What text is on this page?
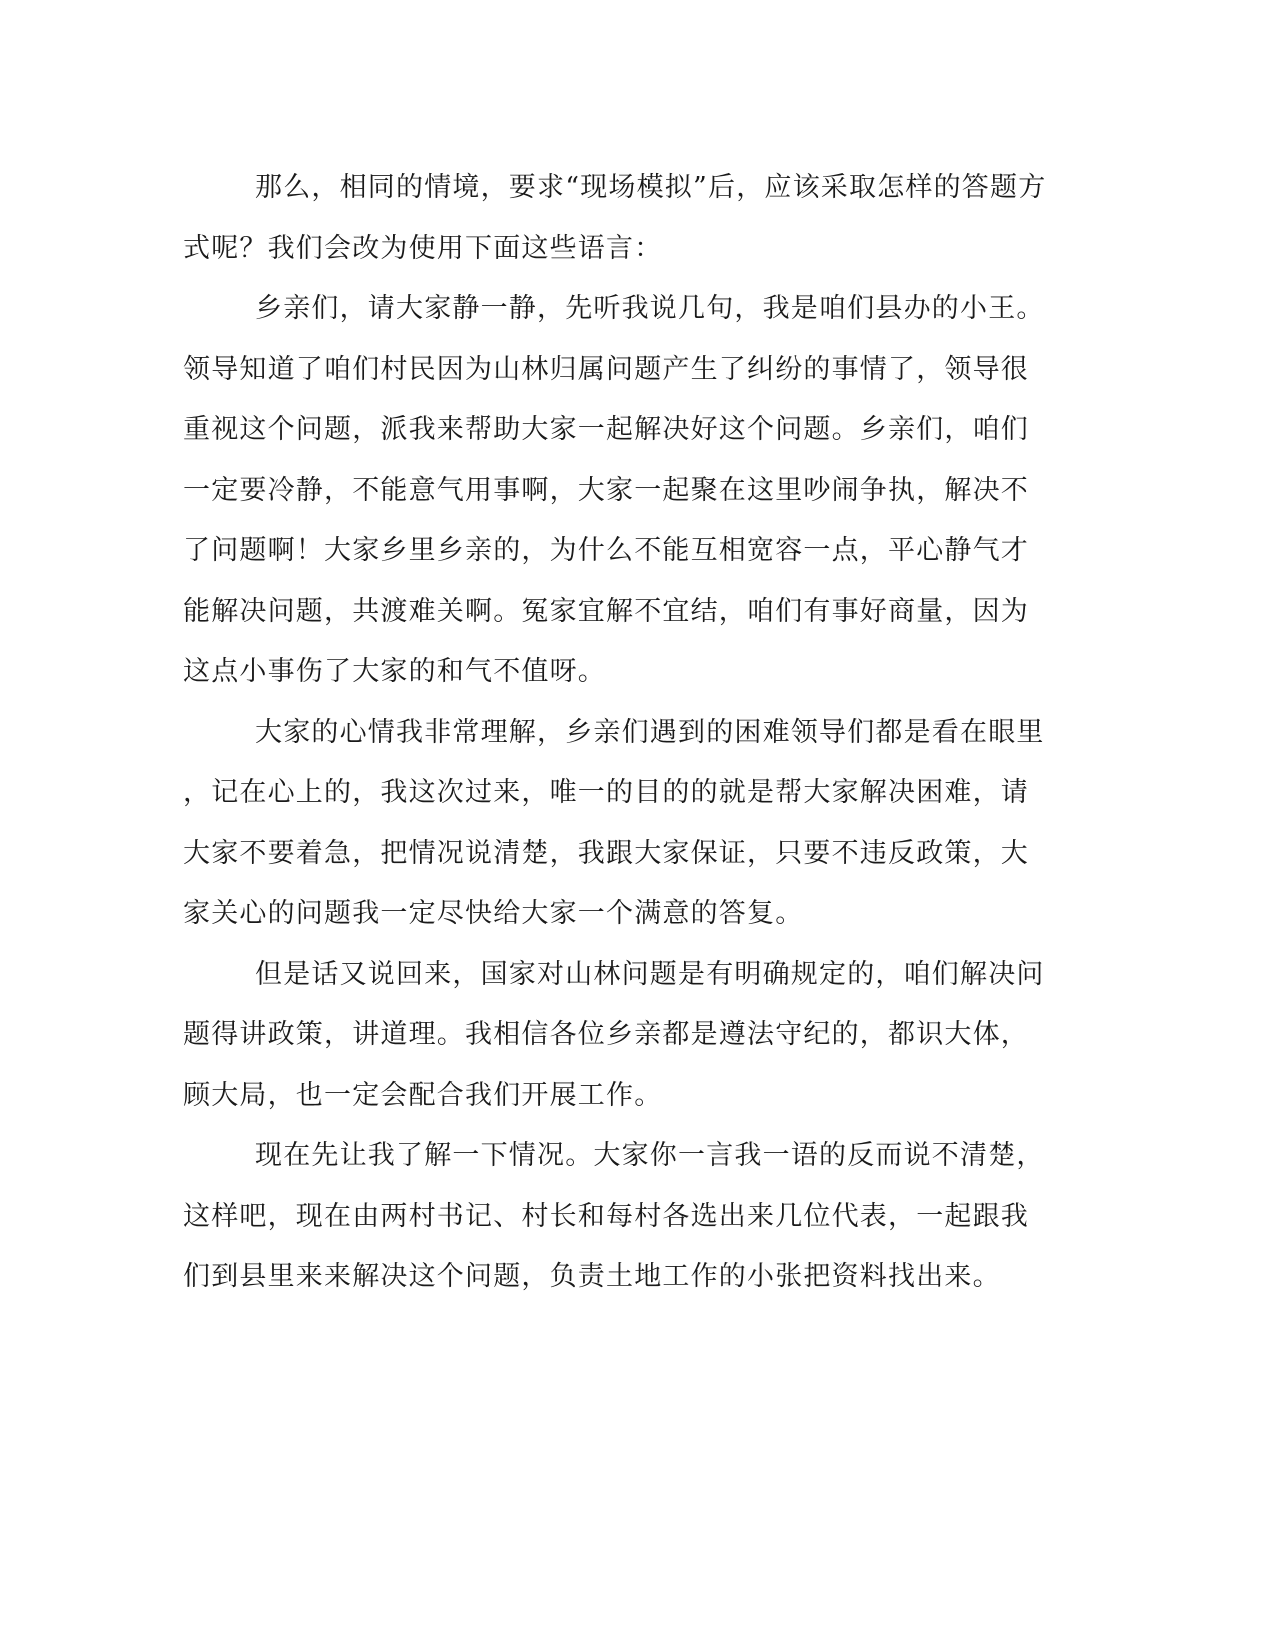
那么，相同的情境，要求“现场模拟”后，应该采取怎样的答题方
式呢？我们会改为使用下面这些语言：
乡亲们，请大家静一静，先听我说几句，我是咱们县办的小王。
领导知道了咱们村民因为山林归属问题产生了纠纷的事情了，领导很
重视这个问题，派我来帮助大家一起解决好这个问题。乡亲们，咱们
一定要冷静，不能意气用事啊，大家一起聚在这里吵闹争执，解决不
了问题啊！大家乡里乡亲的，为什么不能互相宽容一点，平心静气才
能解决问题，共渡难关啊。冤家宜解不宜结，咱们有事好商量，因为
这点小事伤了大家的和气不值呀。
大家的心情我非常理解，乡亲们遇到的困难领导们都是看在眼里
，记在心上的，我这次过来，唯一的目的的就是帮大家解决困难，请
大家不要着急，把情况说清楚，我跟大家保证，只要不违反政策，大
家关心的问题我一定尽快给大家一个满意的答复。
但是话又说回来，国家对山林问题是有明确规定的，咱们解决问
题得讲政策，讲道理。我相信各位乡亲都是遵法守纪的，都识大体，
顾大局，也一定会配合我们开展工作。
现在先让我了解一下情况。大家你一言我一语的反而说不清楚，
这样吧，现在由两村书记、村长和每村各选出来几位代表，一起跟我
们到县里来来解决这个问题，负责土地工作的小张把资料找出来。
